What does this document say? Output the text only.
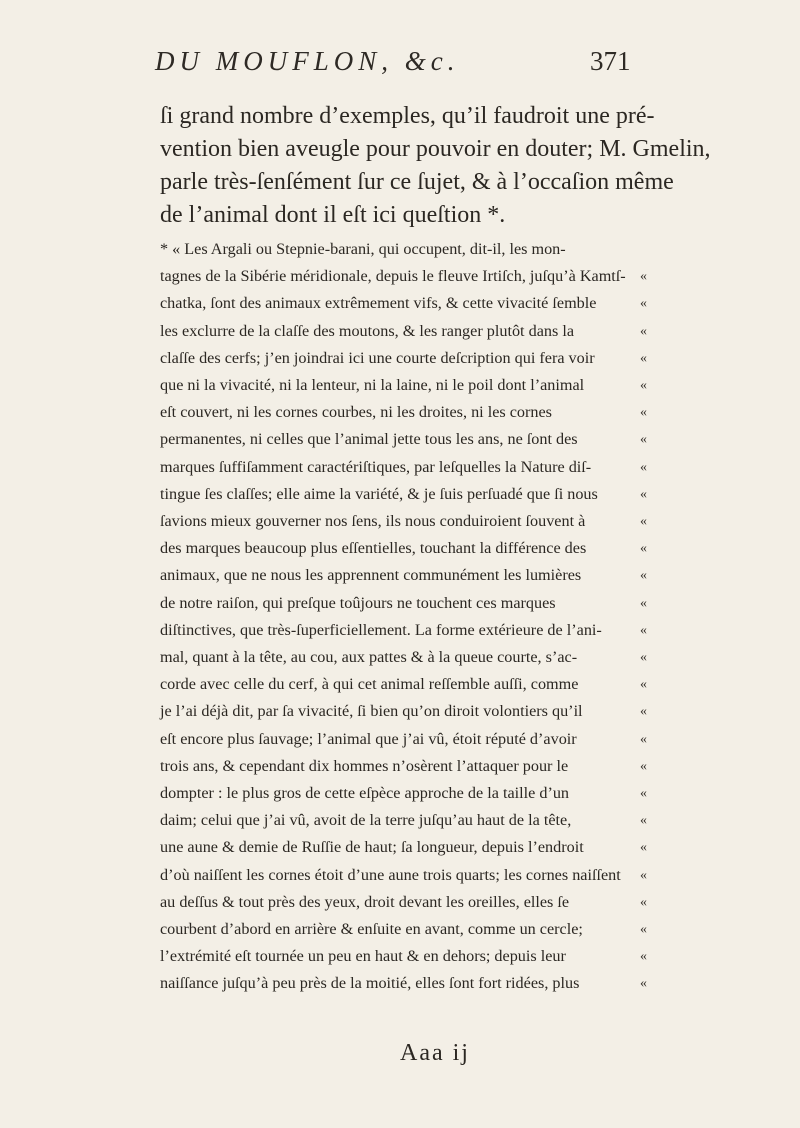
DU MOUFLON, &c.	371
ſi grand nombre d’exemples, qu’il faudroit une pré-
vention bien aveugle pour pouvoir en douter; M. Gmelin,
parle très-ſenſément ſur ce ſujet, & à l’occaſion même
de l’animal dont il eſt ici queſtion *.
* « Les Argali ou Stepnie-barani, qui occupent, dit-il, les mon-
tagnes de la Sibérie méridionale, depuis le fleuve Irtiſch, juſqu’à Kamtſ- «
chatka, ſont des animaux extrêmement vifs, & cette vivacité ſemble	«
les exclurre de la claſſe des moutons, & les ranger plutôt dans la	«
claſſe des cerfs; j’en joindrai ici une courte deſcription qui fera voir	«
que ni la vivacité, ni la lenteur, ni la laine, ni le poil dont l’animal	«
eſt couvert, ni les cornes courbes, ni les droites, ni les cornes	«
permanentes, ni celles que l’animal jette tous les ans, ne ſont des	«
marques ſuffiſamment caractériſtiques, par leſquelles la Nature diſ-	«
tingue ſes claſſes; elle aime la variété, & je ſuis perſuadé que ſi nous	«
ſavions mieux gouverner nos ſens, ils nous conduiroient ſouvent à	«
des marques beaucoup plus eſſentielles, touchant la différence des	«
animaux, que ne nous les apprennent communément les lumières	«
de notre raiſon, qui preſque toûjours ne touchent ces marques	«
diſtinctives, que très-ſuperficiellement. La forme extérieure de l’ani-	«
mal, quant à la tête, au cou, aux pattes & à la queue courte, s’ac-	«
corde avec celle du cerf, à qui cet animal reſſemble auſſi, comme	«
je l’ai déjà dit, par ſa vivacité, ſi bien qu’on diroit volontiers qu’il	«
eſt encore plus ſauvage; l’animal que j’ai vû, étoit réputé d’avoir	«
trois ans, & cependant dix hommes n’osèrent l’attaquer pour le	«
dompter : le plus gros de cette eſpèce approche de la taille d’un	«
daim; celui que j’ai vû, avoit de la terre juſqu’au haut de la tête,	«
une aune & demie de Ruſſie de haut; ſa longueur, depuis l’endroit	«
d’où naiſſent les cornes étoit d’une aune trois quarts; les cornes naiſſent «
au deſſus & tout près des yeux, droit devant les oreilles, elles ſe	«
courbent d’abord en arrière & enſuite en avant, comme un cercle;	«
l’extrémité eſt tournée un peu en haut & en dehors; depuis leur	«
naiſſance juſqu’à peu près de la moitié, elles ſont fort ridées, plus	«
Aaa ij
